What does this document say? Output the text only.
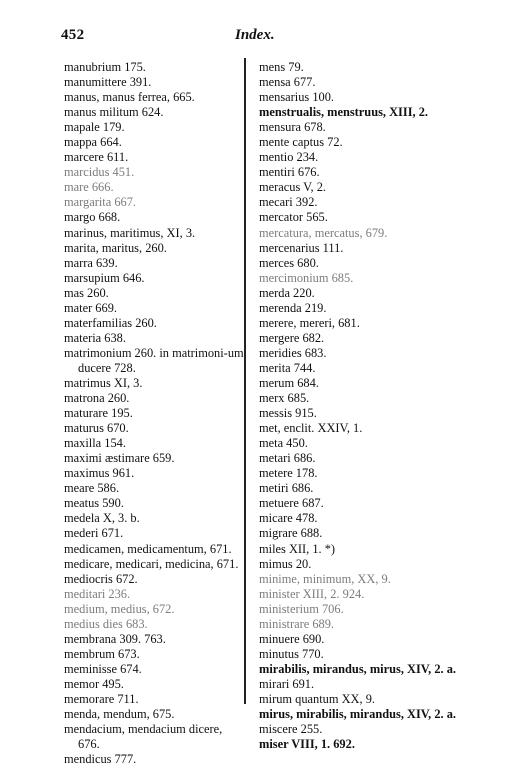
452	Index.
manubrium 175.
manumittere 391.
manus, manus ferrea, 665.
manus militum 624.
mapale 179.
mappa 664.
marcere 611.
marcidus 451.
mare 666.
margarita 667.
margo 668.
marinus, maritimus, XI, 3.
marita, maritus, 260.
marra 639.
marsupium 646.
mas 260.
mater 669.
materfamilias 260.
materia 638.
matrimonium 260. in matrimoni-um ducere 728.
matrimus XI, 3.
matrona 260.
maturare 195.
maturus 670.
maxilla 154.
maximi æstimare 659.
maximus 961.
meare 586.
meatus 590.
medela X, 3. b.
mederi 671.
medicamen, medicamentum, 671.
medicare, medicari, medicina, 671.
mediocris 672.
meditari 236.
medium, medius, 672.
medius dies 683.
membrana 309. 763.
membrum 673.
meminisse 674.
memor 495.
memorare 711.
menda, mendum, 675.
mendacium, mendacium dicere, 676.
mendicus 777.
mens 79.
mensa 677.
mensarius 100.
menstrualis, menstruus, XIII, 2.
mensura 678.
mente captus 72.
mentio 234.
mentiri 676.
meracus V, 2.
mecari 392.
mercator 565.
mercatura, mercatus, 679.
mercenarius 111.
merces 680.
mercimonium 685.
merda 220.
merenda 219.
merere, mereri, 681.
mergere 682.
meridies 683.
merita 744.
merum 684.
merx 685.
messis 915.
met, enclit. XXIV, 1.
meta 450.
metari 686.
metere 178.
metiri 686.
metuere 687.
micare 478.
migrare 688.
miles XII, 1. *)
mimus 20.
minime, minimum, XX, 9.
minister XIII, 2. 924.
ministerium 706.
ministrare 689.
minuere 690.
minutus 770.
mirabilis, mirandus, mirus, XIV, 2. a.
mirari 691.
mirum quantum XX, 9.
mirus, mirabilis, mirandus, XIV, 2. a.
miscere 255.
miser VIII, 1. 692.
